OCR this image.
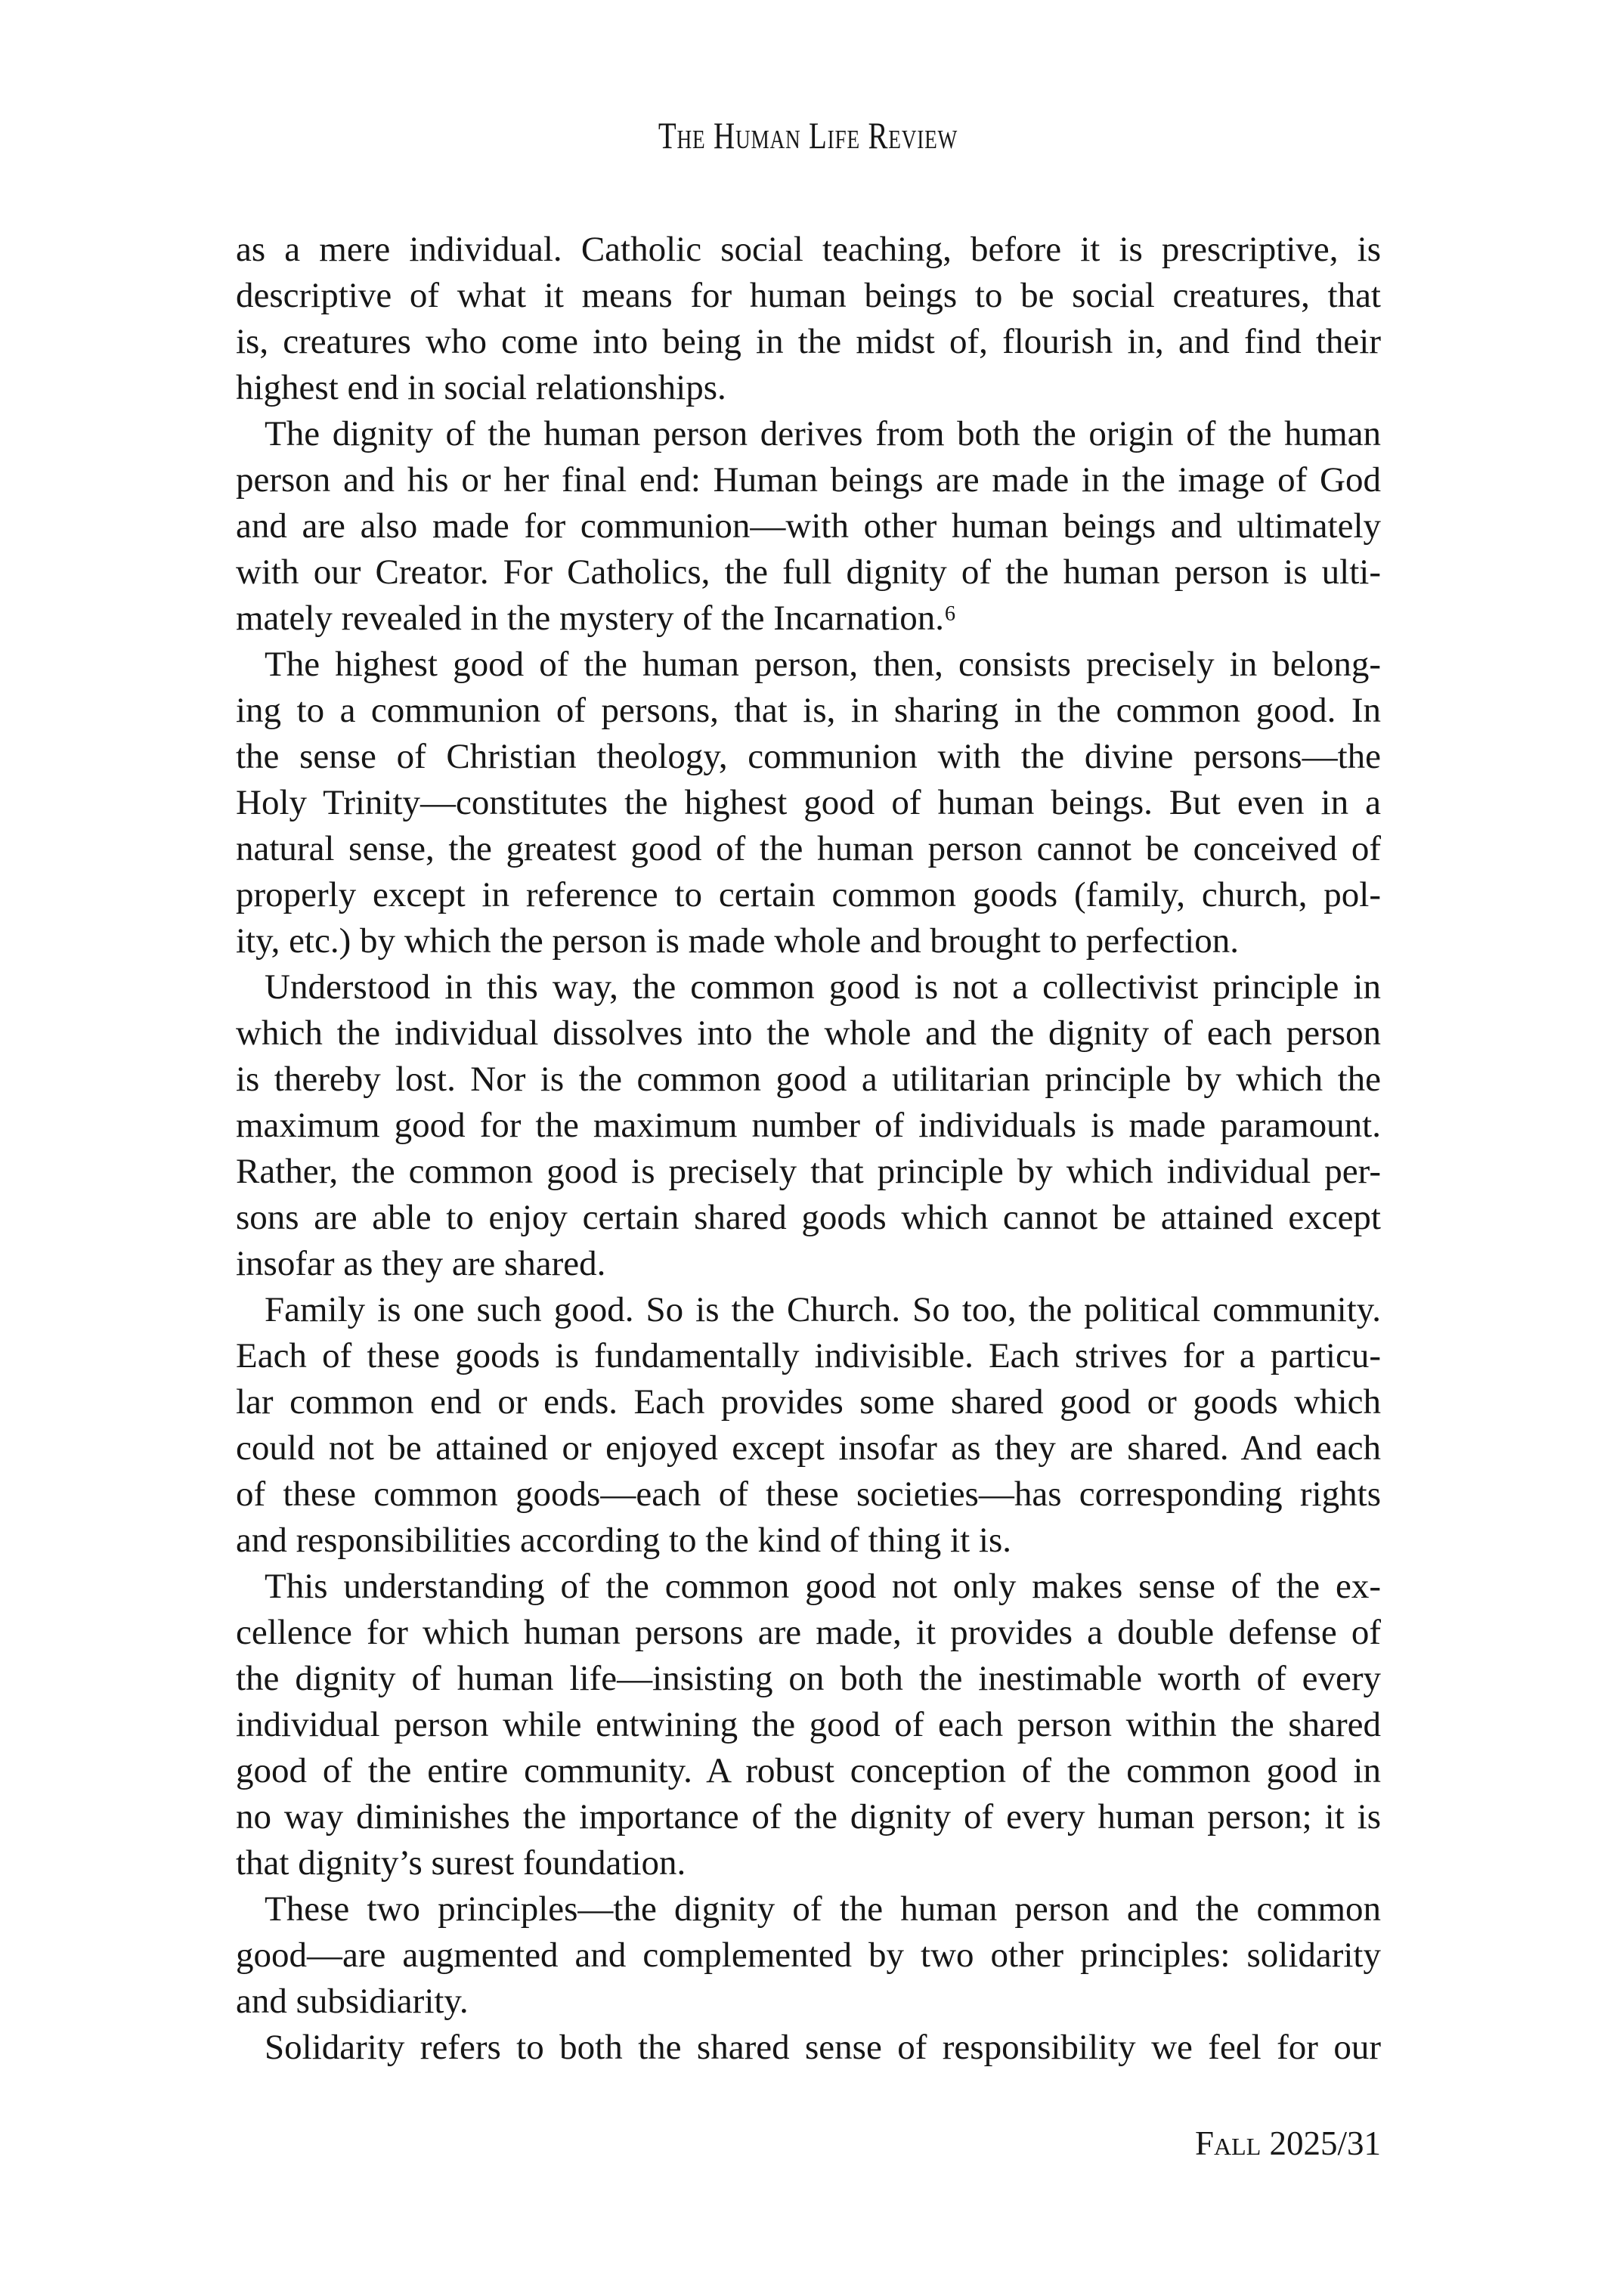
The Human Life Review
as a mere individual. Catholic social teaching, before it is prescriptive, is
descriptive of what it means for human beings to be social creatures, that
is, creatures who come into being in the midst of, flourish in, and find their
highest end in social relationships.
The dignity of the human person derives from both the origin of the human
person and his or her final end: Human beings are made in the image of God
and are also made for communion—with other human beings and ultimately
with our Creator. For Catholics, the full dignity of the human person is ulti-
mately revealed in the mystery of the Incarnation.⁶
The highest good of the human person, then, consists precisely in belong-
ing to a communion of persons, that is, in sharing in the common good. In
the sense of Christian theology, communion with the divine persons—the
Holy Trinity—constitutes the highest good of human beings. But even in a
natural sense, the greatest good of the human person cannot be conceived of
properly except in reference to certain common goods (family, church, pol-
ity, etc.) by which the person is made whole and brought to perfection.
Understood in this way, the common good is not a collectivist principle in
which the individual dissolves into the whole and the dignity of each person
is thereby lost. Nor is the common good a utilitarian principle by which the
maximum good for the maximum number of individuals is made paramount.
Rather, the common good is precisely that principle by which individual per-
sons are able to enjoy certain shared goods which cannot be attained except
insofar as they are shared.
Family is one such good. So is the Church. So too, the political community.
Each of these goods is fundamentally indivisible. Each strives for a particu-
lar common end or ends. Each provides some shared good or goods which
could not be attained or enjoyed except insofar as they are shared. And each
of these common goods—each of these societies—has corresponding rights
and responsibilities according to the kind of thing it is.
This understanding of the common good not only makes sense of the ex-
cellence for which human persons are made, it provides a double defense of
the dignity of human life—insisting on both the inestimable worth of every
individual person while entwining the good of each person within the shared
good of the entire community. A robust conception of the common good in
no way diminishes the importance of the dignity of every human person; it is
that dignity’s surest foundation.
These two principles—the dignity of the human person and the common
good—are augmented and complemented by two other principles: solidarity
and subsidiarity.
Solidarity refers to both the shared sense of responsibility we feel for our
Fall 2025/31
